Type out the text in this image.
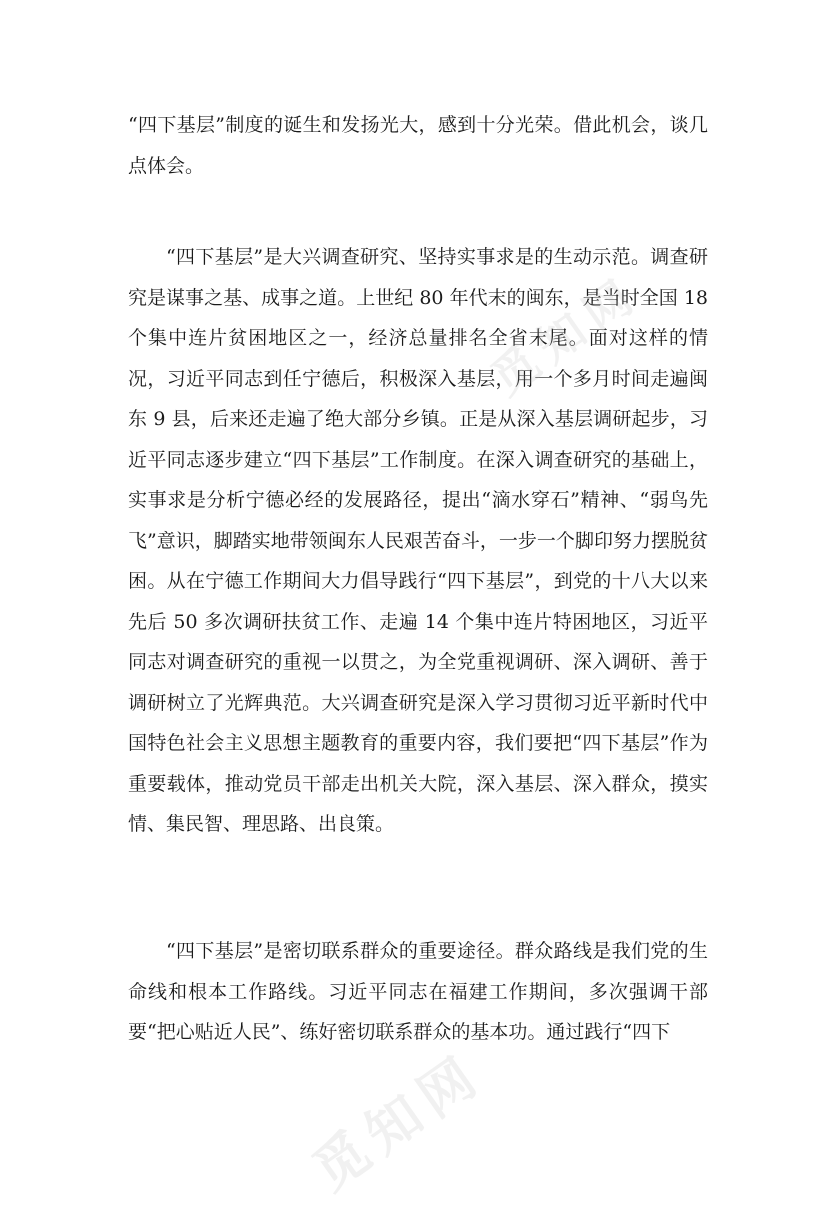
“四下基层”制度的诞生和发扬光大，感到十分光荣。借此机会，谈几点体会。

“四下基层”是大兴调查研究、坚持实事求是的生动示范。调查研究是谋事之基、成事之道。上世纪 80 年代末的闽东，是当时全国 18 个集中连片贫困地区之一，经济总量排名全省末尾。面对这样的情况，习近平同志到任宁德后，积极深入基层，用一个多月时间走遍闽东 9 县，后来还走遍了绝大部分乡镇。正是从深入基层调研起步，习近平同志逐步建立“四下基层”工作制度。在深入调查研究的基础上，实事求是分析宁德必经的发展路径，提出“滴水穿石”精神、“弱鸟先飞”意识，脚踏实地带领闽东人民艰苦奋斗，一步一个脚印努力摆脱贫困。从在宁德工作期间大力倡导践行“四下基层”，到党的十八大以来先后 50 多次调研扶贫工作、走遍 14 个集中连片特困地区，习近平同志对调查研究的重视一以贯之，为全党重视调研、深入调研、善于调研树立了光辉典范。大兴调查研究是深入学习贯彻习近平新时代中国特色社会主义思想主题教育的重要内容，我们要把“四下基层”作为重要载体，推动党员干部走出机关大院，深入基层、深入群众，摸实情、集民智、理思路、出良策。

“四下基层”是密切联系群众的重要途径。群众路线是我们党的生命线和根本工作路线。习近平同志在福建工作期间，多次强调干部要“把心贴近人民”、练好密切联系群众的基本功。通过践行“四下

觅知网
觅知网
